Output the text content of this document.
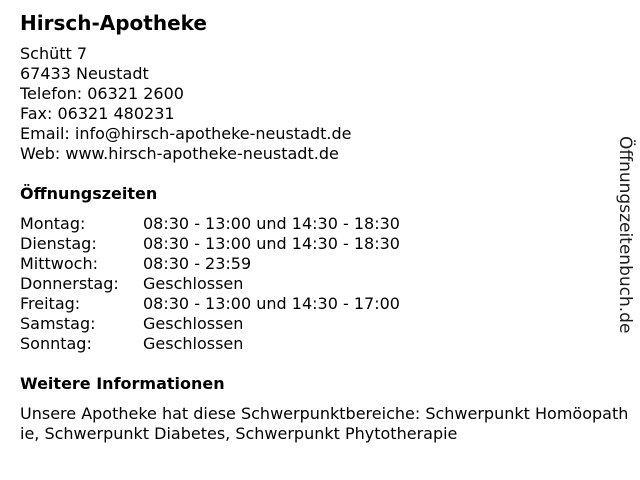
Hirsch-Apotheke
Schütt 7
67433 Neustadt
Telefon: 06321 2600
Fax: 06321 480231
Email: info@hirsch-apotheke-neustadt.de
Web: www.hirsch-apotheke-neustadt.de
Öffnungszeiten
Montag:	08:30 - 13:00 und 14:30 - 18:30
Dienstag:	08:30 - 13:00 und 14:30 - 18:30
Mittwoch:	08:30 - 23:59
Donnerstag: Geschlossen
Freitag:	08:30 - 13:00 und 14:30 - 17:00
Samstag:	Geschlossen
Sonntag:	Geschlossen
Weitere Informationen
Unsere Apotheke hat diese Schwerpunktbereiche: Schwerpunkt Homöopathie, Schwerpunkt Diabetes, Schwerpunkt Phytotherapie
Öffnungszeitenbuch.de
